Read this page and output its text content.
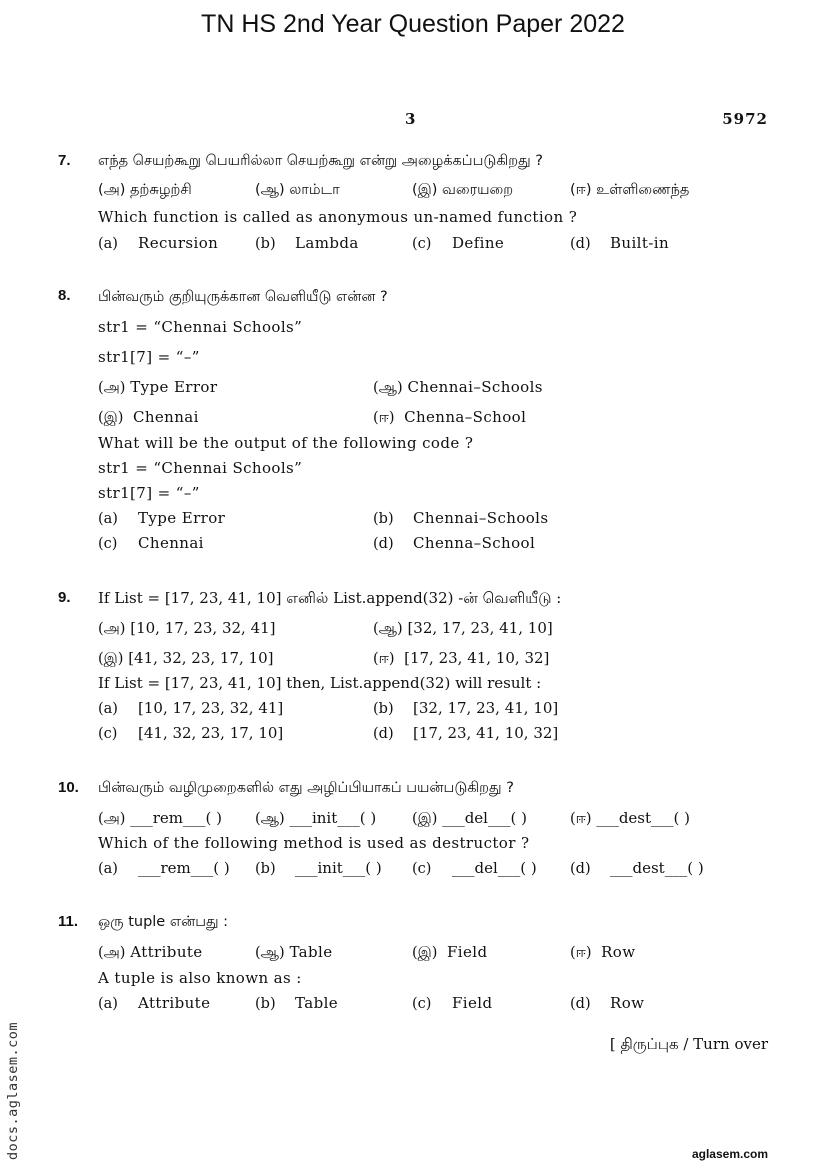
TN HS 2nd Year Question Paper 2022
3	5972
7. எந்த செயற்கூறு பெயரில்லா செயற்கூறு என்று அழைக்கப்படுகிறது ?
(அ) தற்சுழற்சி	(ஆ) லாம்டா	(இ) வரையறை	(ஈ) உள்ளிணைந்த
Which function is called as anonymous un-named function ?
(a) Recursion	(b) Lambda	(c) Define	(d) Built-in
8. பின்வரும் குறியுருக்கான வெளியீடு என்ன ?
str1 = “Chennai Schools”
str1[7] = “–”
(அ) Type Error	(ஆ) Chennai–Schools
(இ) Chennai	(ஈ) Chenna–School
What will be the output of the following code ?
str1 = “Chennai Schools”
str1[7] = “–”
(a) Type Error	(b) Chennai–Schools
(c) Chennai	(d) Chenna–School
9. If List = [17, 23, 41, 10] எனில் List.append(32) -ன் வெளியீடு :
(அ) [10, 17, 23, 32, 41]	(ஆ) [32, 17, 23, 41, 10]
(இ) [41, 32, 23, 17, 10]	(ஈ) [17, 23, 41, 10, 32]
If List = [17, 23, 41, 10] then, List.append(32) will result :
(a) [10, 17, 23, 32, 41]	(b) [32, 17, 23, 41, 10]
(c) [41, 32, 23, 17, 10]	(d) [17, 23, 41, 10, 32]
10. பின்வரும் வழிமுறைகளில் எது அழிப்பியாகப் பயன்படுகிறது ?
(அ) ___rem___( ) (ஆ) ___init___( ) (இ) ___del___( )	(ஈ) ___dest___( )
Which of the following method is used as destructor ?
(a) ___rem___( ) (b) ___init___( ) (c) ___del___( ) (d) ___dest___( )
11. ஒரு tuple என்பது :
(அ) Attribute	(ஆ) Table	(இ) Field	(ஈ) Row
A tuple is also known as :
(a) Attribute	(b) Table	(c) Field	(d) Row
[ திருப்புக / Turn over
docs.aglasem.com	aglasem.com
